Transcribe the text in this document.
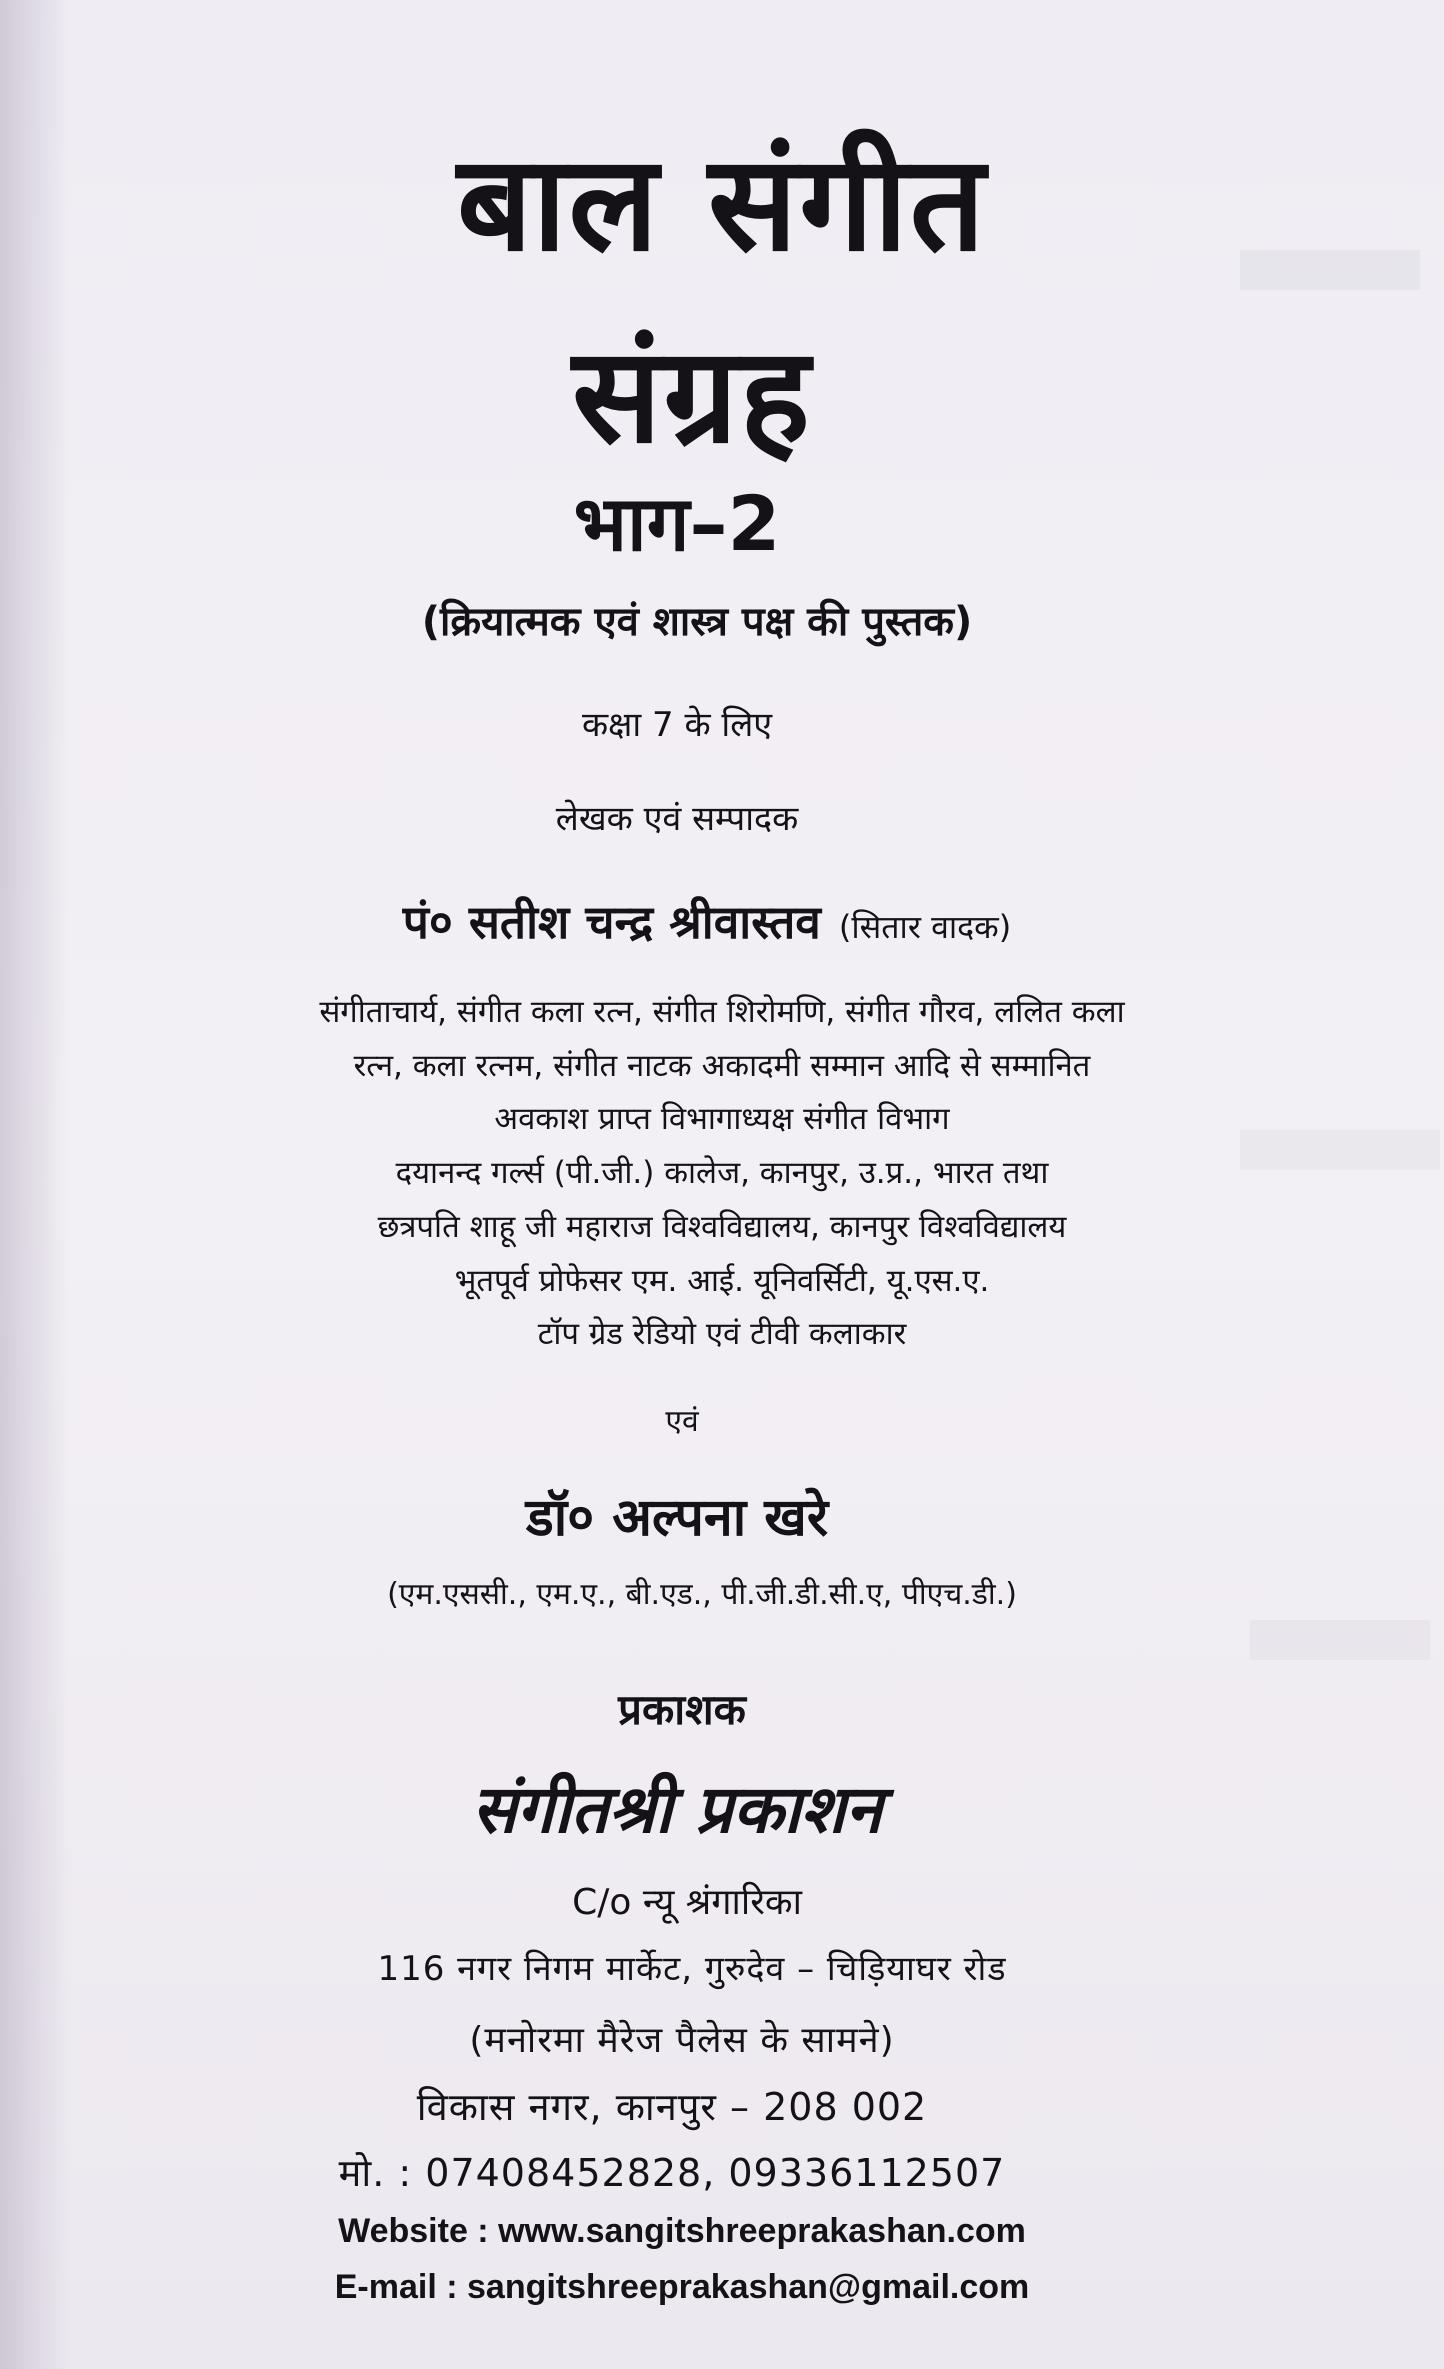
बाल संगीत
संग्रह
भाग–2
(क्रियात्मक एवं शास्त्र पक्ष की पुस्तक)
कक्षा 7 के लिए
लेखक एवं सम्पादक
पं० सतीश चन्द्र श्रीवास्तव (सितार वादक)
संगीताचार्य, संगीत कला रत्न, संगीत शिरोमणि, संगीत गौरव, ललित कला
रत्न, कला रत्नम, संगीत नाटक अकादमी सम्मान आदि से सम्मानित
अवकाश प्राप्त विभागाध्यक्ष संगीत विभाग
दयानन्द गर्ल्स (पी.जी.) कालेज, कानपुर, उ.प्र., भारत तथा
छत्रपति शाहू जी महाराज विश्वविद्यालय, कानपुर विश्वविद्यालय
भूतपूर्व प्रोफेसर एम. आई. यूनिवर्सिटी, यू.एस.ए.
टॉप ग्रेड रेडियो एवं टीवी कलाकार
एवं
डॉ० अल्पना खरे
(एम.एससी., एम.ए., बी.एड., पी.जी.डी.सी.ए, पीएच.डी.)
प्रकाशक
संगीतश्री प्रकाशन
C/o न्यू श्रंगारिका
116 नगर निगम मार्केट, गुरुदेव – चिड़ियाघर रोड
(मनोरमा मैरेज पैलेस के सामने)
विकास नगर, कानपुर – 208 002
मो. : 07408452828, 09336112507
Website : www.sangitshreeprakashan.com
E-mail : sangitshreeprakashan@gmail.com
